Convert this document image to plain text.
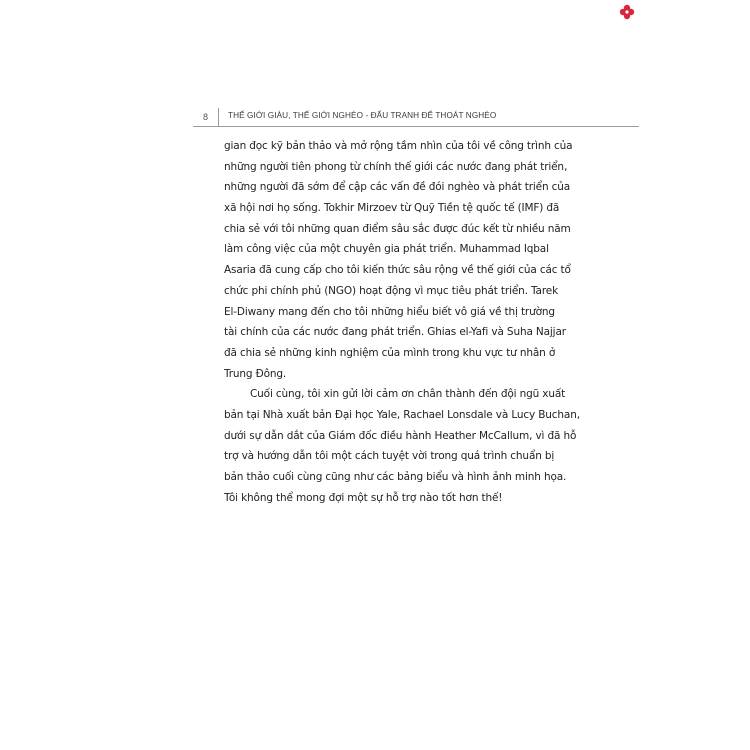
8	THẾ GIỚI GIÀU, THẾ GIỚI NGHÈO - ĐẤU TRANH ĐỂ THOÁT NGHÈO
gian đọc kỹ bản thảo và mở rộng tầm nhìn của tôi về công trình của
những người tiên phong từ chính thế giới các nước đang phát triển,
những người đã sớm để cập các vấn đề đói nghèo và phát triển của
xã hội nơi họ sống. Tokhir Mirzoev từ Quỹ Tiền tệ quốc tế (IMF) đã
chia sẻ với tôi những quan điểm sâu sắc được đúc kết từ nhiều năm
làm công việc của một chuyên gia phát triển. Muhammad Iqbal
Asaria đã cung cấp cho tôi kiến thức sâu rộng về thế giới của các tổ
chức phi chính phủ (NGO) hoạt động vì mục tiêu phát triển. Tarek
El-Diwany mang đến cho tôi những hiểu biết vô giá về thị trường
tài chính của các nước đang phát triển. Ghias el-Yafi và Suha Najjar
đã chia sẻ những kinh nghiệm của mình trong khu vực tư nhân ở
Trung Đông.
Cuối cùng, tôi xin gửi lời cảm ơn chân thành đến đội ngũ xuất
bản tại Nhà xuất bản Đại học Yale, Rachael Lonsdale và Lucy Buchan,
dưới sự dẫn dắt của Giám đốc điều hành Heather McCallum, vì đã hỗ
trợ và hướng dẫn tôi một cách tuyệt vời trong quá trình chuẩn bị
bản thảo cuối cùng cũng như các bảng biểu và hình ảnh minh họa.
Tôi không thể mong đợi một sự hỗ trợ nào tốt hơn thế!
